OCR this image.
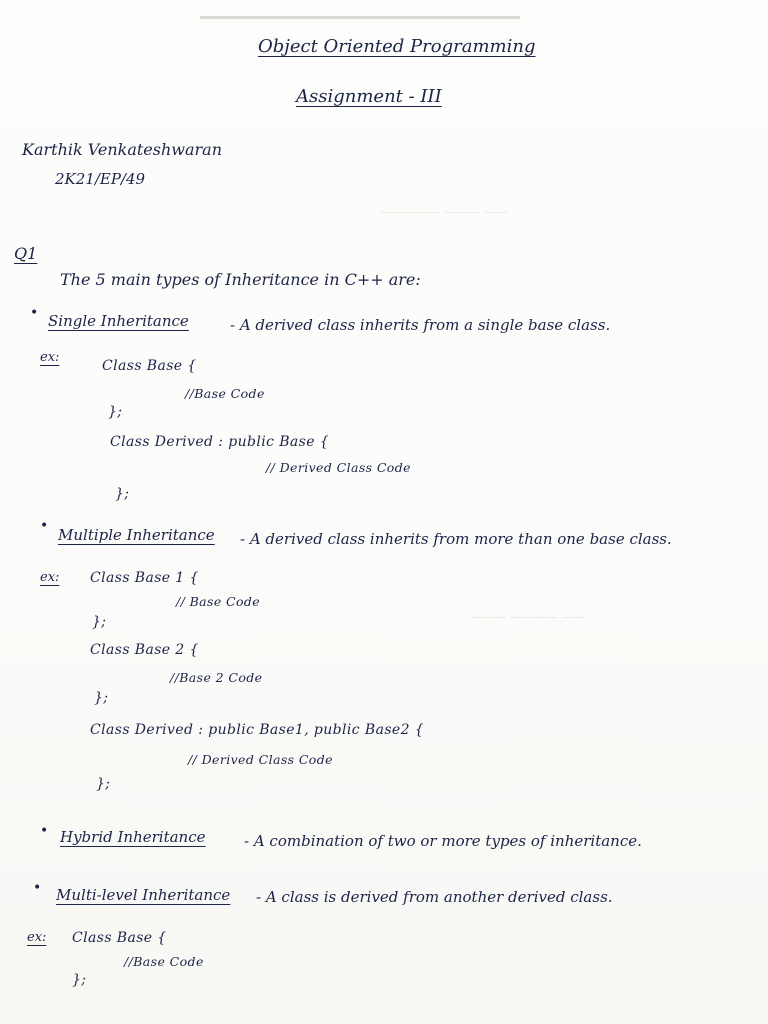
————— ——— ——
——— ———— ——
Object Oriented Programming
Assignment - III
Karthik Venkateshwaran
2K21/EP/49
Q1
The 5 main types of Inheritance in C++ are:
• Single Inheritance	- A derived class inherits from a single base class.
ex:
Class Base {
//Base Code
};
Class Derived : public Base {
// Derived Class Code
};
• Multiple Inheritance - A derived class inherits from more than one base class.
ex: Class Base 1 {
// Base Code
};
Class Base 2 {
//Base 2 Code
};
Class Derived : public Base1, public Base2 {
// Derived Class Code
};
• Hybrid Inheritance	- A combination of two or more types of inheritance.
• Multi-level Inheritance - A class is derived from another derived class.
ex: Class Base {
//Base Code
};
